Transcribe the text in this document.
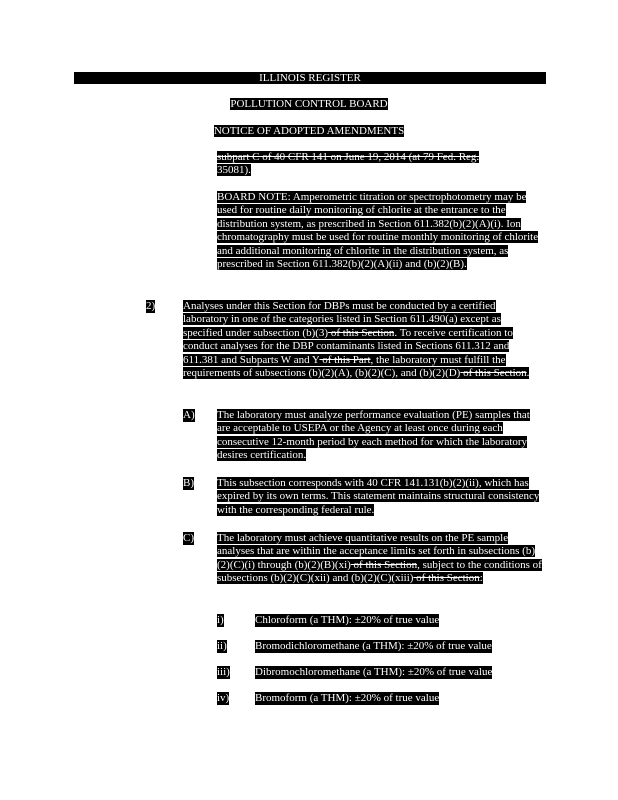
ILLINOIS REGISTER
POLLUTION CONTROL BOARD
NOTICE OF ADOPTED AMENDMENTS
subpart C of 40 CFR 141 on June 19, 2014 (at 79 Fed. Reg.
35081).
BOARD NOTE: Amperometric titration or spectrophotometry may be used for routine daily monitoring of chlorite at the entrance to the distribution system, as prescribed in Section 611.382(b)(2)(A)(i). Ion chromatography must be used for routine monthly monitoring of chlorite and additional monitoring of chlorite in the distribution system, as prescribed in Section 611.382(b)(2)(A)(ii) and (b)(2)(B).
2)	Analyses under this Section for DBPs must be conducted by a certified laboratory in one of the categories listed in Section 611.490(a) except as specified under subsection (b)(3) of this Section. To receive certification to conduct analyses for the DBP contaminants listed in Sections 611.312 and 611.381 and Subparts W and Y of this Part, the laboratory must fulfill the requirements of subsections (b)(2)(A), (b)(2)(C), and (b)(2)(D) of this Section.
A) The laboratory must analyze performance evaluation (PE) samples that are acceptable to USEPA or the Agency at least once during each consecutive 12-month period by each method for which the laboratory desires certification.
B) This subsection corresponds with 40 CFR 141.131(b)(2)(ii), which has expired by its own terms. This statement maintains structural consistency with the corresponding federal rule.
C) The laboratory must achieve quantitative results on the PE sample analyses that are within the acceptance limits set forth in subsections (b)(2)(C)(i) through (b)(2)(B)(xi) of this Section, subject to the conditions of subsections (b)(2)(C)(xii) and (b)(2)(C)(xiii) of this Section:
i)	Chloroform (a THM): ±20% of true value
ii)	Bromodichloromethane (a THM): ±20% of true value
iii) Dibromochloromethane (a THM): ±20% of true value
iv) Bromoform (a THM): ±20% of true value
